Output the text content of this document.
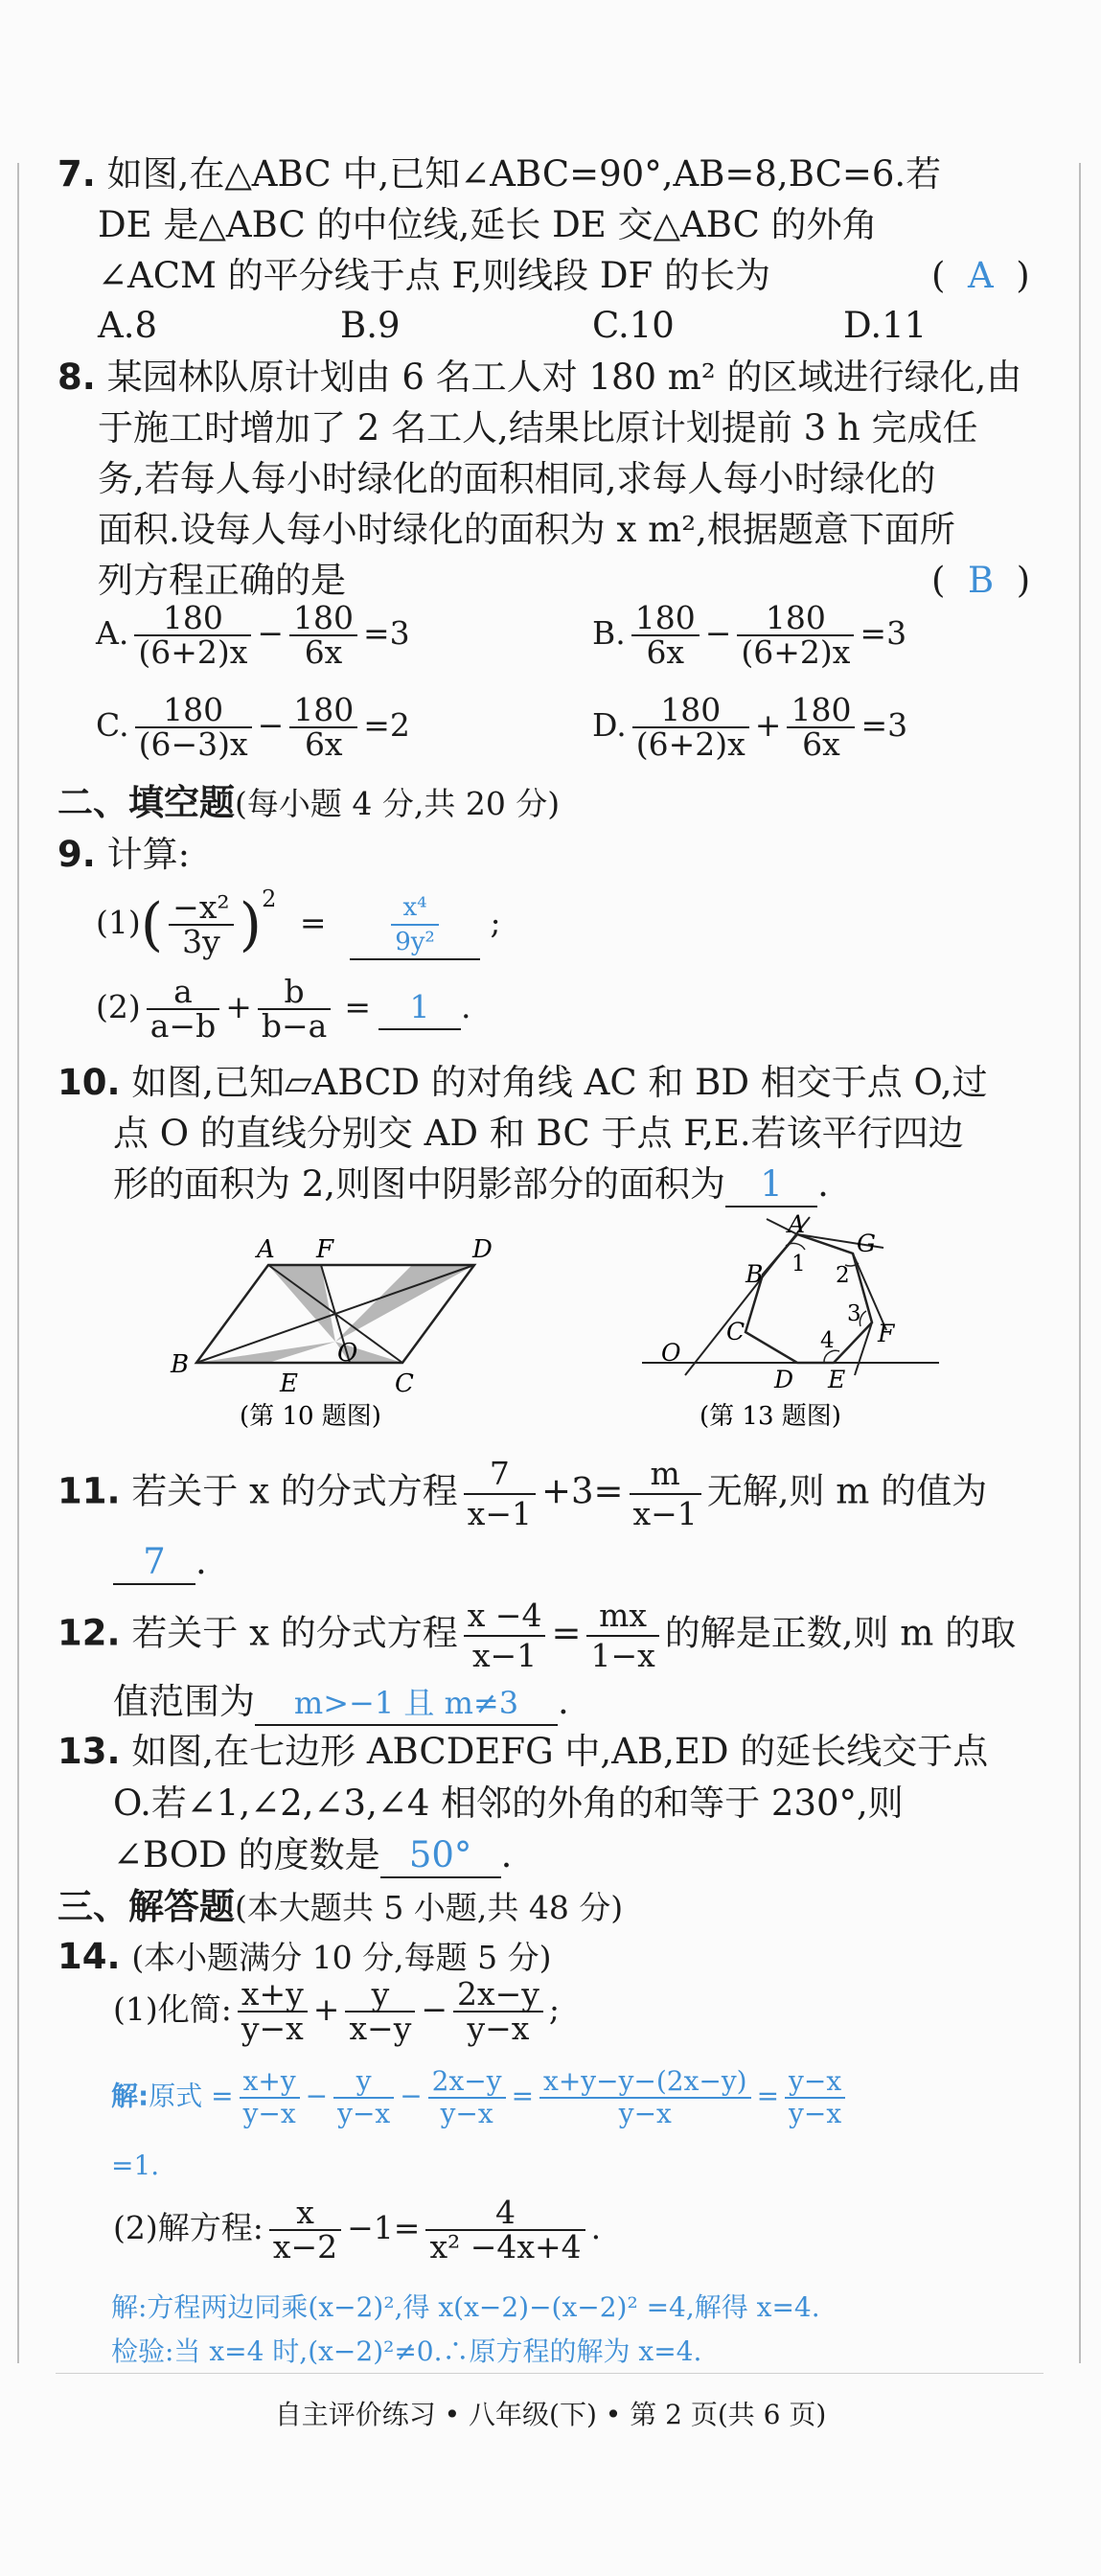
7. 如图,在△ABC 中,已知∠ABC=90°,AB=8,BC=6.若
DE 是△ABC 的中位线,延长 DE 交△ABC 的外角
∠ACM 的平分线于点 F,则线段 DF 的长为	(  A  )
A.8	B.9	C.10	D.11
8. 某园林队原计划由 6 名工人对 180 m² 的区域进行绿化,由
于施工时增加了 2 名工人,结果比原计划提前 3 h 完成任
务,若每人每小时绿化的面积相同,求每人每小时绿化的
面积.设每人每小时绿化的面积为 x m²,根据题意下面所
列方程正确的是	(  B  )
A. $\frac{180}{(6+2)x} - \frac{180}{6x} =3$	B. $\frac{180}{6x} - \frac{180}{(6+2)x} =3$
C. $\frac{180}{(6-3)x} - \frac{180}{6x} =2$	D. $\frac{180}{(6+2)x} + \frac{180}{6x} =3$
二、填空题(每小题 4 分,共 20 分)
9. 计算:
$(1)( \frac{\text{−x²}}{3y} )^2$ =	$\frac{\text{x⁴}}{\text{9y²}}$ ;
$(2) \frac{a}{a-b} + \frac{b}{b-a} = 1$ .
10. 如图,已知▱ABCD 的对角线 AC 和 BD 相交于点 O,过
点 O 的直线分别交 AD 和 BC 于点 F,E.若该平行四边
形的面积为 2,则图中阴影部分的面积为 1 .
A F	D
B	O
E	C
(第 10 题图)
A
G
B
C
D E
F
O
1 2
3
4
(第 13 题图)
11. 若关于 x 的分式方程 $\frac{7}{x-1} +3= \frac{m}{x-1}$ 无解,则 m 的值为
7 .
12. 若关于 x 的分式方程 $\frac{x -4}{x-1} = \frac{mx}{1-x}$ 的解是正数,则 m 的取
值范围为 m>−1 且 m≠3 .
13. 如图,在七边形 ABCDEFG 中,AB,ED 的延长线交于点
O.若∠1,∠2,∠3,∠4 相邻的外角的和等于 230°,则
∠BOD 的度数是 50° .
三、解答题(本大题共 5 小题,共 48 分)
14. (本小题满分 10 分,每题 5 分)
(1)化简: $\frac{x+y}{y-x} + \frac{y}{x-y} - \frac{2x-y}{y-x}$ ;
解:原式 = $\frac{x+y}{y-x} - \frac{y}{y-x} - \frac{2x-y}{y-x} = \frac{x+y-y-(2x-y)}{y-x} = \frac{y-x}{y-x}$
=1.
(2)解方程: $\frac{x}{x-2} -1= \frac{4}{\text{x² −4x+4}}$ .
解:方程两边同乘(x−2)²,得 x(x−2)−(x−2)² =4,解得 x=4.
检验:当 x=4 时,(x−2)²≠0.∴原方程的解为 x=4.
自主评价练习 • 八年级(下) • 第 2 页(共 6 页)
